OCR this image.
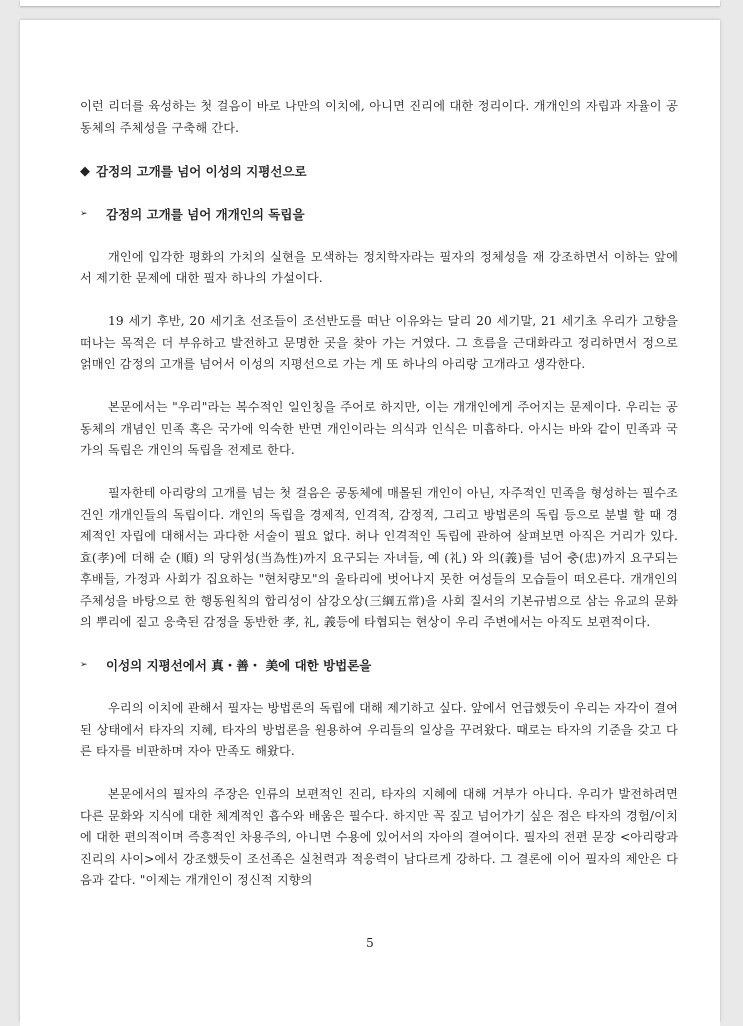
이런 리더를 육성하는 첫 걸음이 바로 나만의 이치에, 아니면 진리에 대한 정리이다. 개개인의 자립과 자율이 공동체의 주체성을 구축해 간다.

◆ 감정의 고개를 넘어 이성의 지평선으로
➢	감정의 고개를 넘어 개개인의 독립을

개인에 입각한 평화의 가치의 실현을 모색하는 정치학자라는 필자의 정체성을 재 강조하면서 이하는 앞에서 제기한 문제에 대한 필자 하나의 가설이다.

19 세기 후반, 20 세기초 선조들이 조선반도를 떠난 이유와는 달리 20 세기말, 21 세기초 우리가 고향을 떠나는 목적은 더 부유하고 발전하고 문명한 곳을 찾아 가는 거였다. 그 흐름을 근대화라고 정리하면서 정으로 얽매인 감정의 고개를 넘어서 이성의 지평선으로 가는 게 또 하나의 아리랑 고개라고 생각한다.

본문에서는 "우리"라는 복수적인 일인칭을 주어로 하지만, 이는 개개인에게 주어지는 문제이다. 우리는 공동체의 개념인 민족 혹은 국가에 익숙한 반면 개인이라는 의식과 인식은 미흡하다. 아시는 바와 같이 민족과 국가의 독립은 개인의 독립을 전제로 한다.

필자한테 아리랑의 고개를 넘는 첫 걸음은 공동체에 매몰된 개인이 아닌, 자주적인 민족을 형성하는 필수조건인 개개인들의 독립이다. 개인의 독립을 경제적, 인격적, 감정적, 그리고 방법론의 독립 등으로 분별 할 때 경제적인 자립에 대해서는 과다한 서술이 필요 없다. 허나 인격적인 독립에 관하여 살펴보면 아직은 거리가 있다. 효(孝)에 더해 순 (順) 의 당위성(当為性)까지 요구되는 자녀들, 예 (礼) 와 의(義)를 넘어 충(忠)까지 요구되는 후배들, 가정과 사회가 집요하는 "현처량모"의 울타리에 벗어나지 못한 여성들의 모습들이 떠오른다. 개개인의 주체성을 바탕으로 한 행동원칙의 합리성이 삼강오상(三綱五常)을 사회 질서의 기본규범으로 삼는 유교의 문화의 뿌리에 짙고 응축된 감정을 동반한 孝, 礼, 義등에 타협되는 현상이 우리 주변에서는 아직도 보편적이다.

➢	이성의 지평선에서 真・善・ 美에 대한 방법론을

우리의 이치에 관해서 필자는 방법론의 독립에 대해 제기하고 싶다. 앞에서 언급했듯이 우리는 자각이 결여된 상태에서 타자의 지혜, 타자의 방법론을 원용하여 우리들의 일상을 꾸려왔다. 때로는 타자의 기준을 갖고 다른 타자를 비판하며 자아 만족도 해왔다.

본문에서의 필자의 주장은 인류의 보편적인 진리, 타자의 지혜에 대해 거부가 아니다. 우리가 발전하려면 다른 문화와 지식에 대한 체계적인 흡수와 배움은 필수다. 하지만 꼭 짚고 넘어가기 싶은 점은 타자의 경험/이치에 대한 편의적이며 즉흥적인 차용주의, 아니면 수용에 있어서의 자아의 결여이다. 필자의 전편 문장 <아리랑과 진리의 사이>에서 강조했듯이 조선족은 실천력과 적응력이 남다르게 강하다. 그 결론에 이어 필자의 제안은 다음과 같다. "이제는 개개인이 정신적 지향의

5
